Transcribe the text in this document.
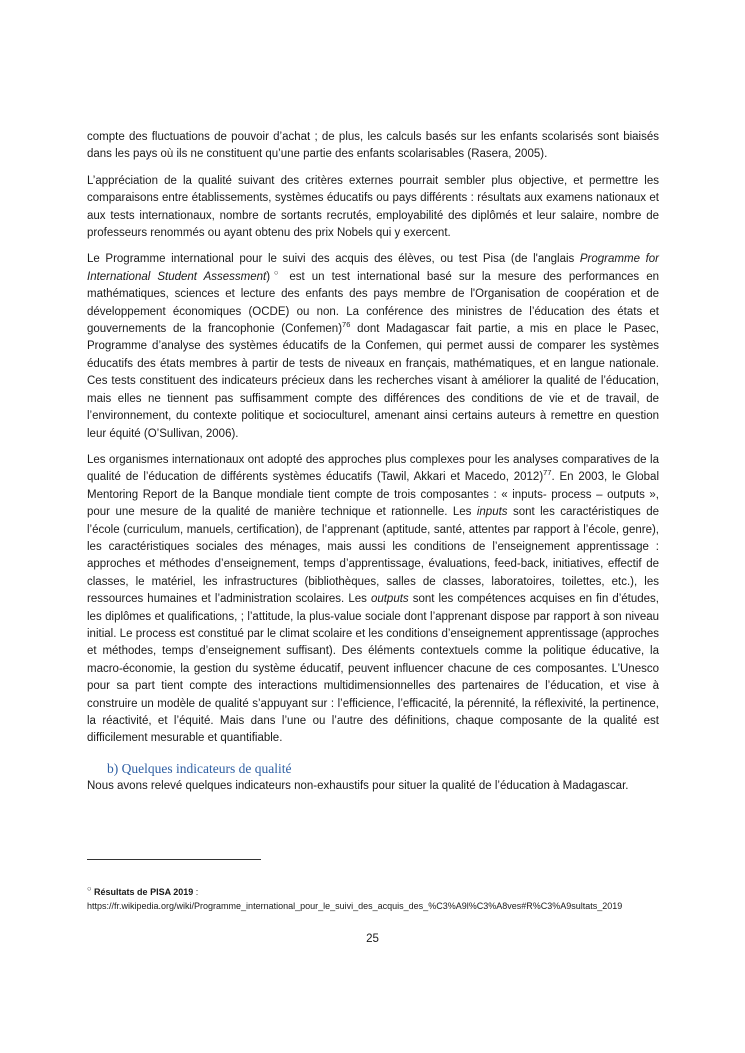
compte des fluctuations de pouvoir d’achat ; de plus, les calculs basés sur les enfants scolarisés sont biaisés dans les pays où ils ne constituent qu’une partie des enfants scolarisables (Rasera, 2005).

L’appréciation de la qualité suivant des critères externes pourrait sembler plus objective, et permettre les comparaisons entre établissements, systèmes éducatifs ou pays différents : résultats aux examens nationaux et aux tests internationaux, nombre de sortants recrutés, employabilité des diplômés et leur salaire, nombre de professeurs renommés ou ayant obtenu des prix Nobels qui y exercent.

Le Programme international pour le suivi des acquis des élèves, ou test Pisa (de l'anglais Programme for International Student Assessment)○ est un test international basé sur la mesure des performances en mathématiques, sciences et lecture des enfants des pays membre de l'Organisation de coopération et de développement économiques (OCDE) ou non. La conférence des ministres de l’éducation des états et gouvernements de la francophonie (Confemen)$^{76}$ dont Madagascar fait partie, a mis en place le Pasec, Programme d’analyse des systèmes éducatifs de la Confemen, qui permet aussi de comparer les systèmes éducatifs des états membres à partir de tests de niveaux en français, mathématiques, et en langue nationale. Ces tests constituent des indicateurs précieux dans les recherches visant à améliorer la qualité de l’éducation, mais elles ne tiennent pas suffisamment compte des différences des conditions de vie et de travail, de l’environnement, du contexte politique et socioculturel, amenant ainsi certains auteurs à remettre en question leur équité (O’Sullivan, 2006).

Les organismes internationaux ont adopté des approches plus complexes pour les analyses comparatives de la qualité de l’éducation de différents systèmes éducatifs (Tawil, Akkari et Macedo, 2012)$^{77}$. En 2003, le Global Mentoring Report de la Banque mondiale tient compte de trois composantes : « inputs- process – outputs », pour une mesure de la qualité de manière technique et rationnelle. Les inputs sont les caractéristiques de l’école (curriculum, manuels, certification), de l’apprenant (aptitude, santé, attentes par rapport à l’école, genre), les caractéristiques sociales des ménages, mais aussi les conditions de l’enseignement apprentissage : approches et méthodes d’enseignement, temps d’apprentissage, évaluations, feed-back, initiatives, effectif de classes, le matériel, les infrastructures (bibliothèques, salles de classes, laboratoires, toilettes, etc.), les ressources humaines et l’administration scolaires. Les outputs sont les compétences acquises en fin d’études, les diplômes et qualifications, ; l’attitude, la plus-value sociale dont l’apprenant dispose par rapport à son niveau initial. Le process est constitué par le climat scolaire et les conditions d’enseignement apprentissage (approches et méthodes, temps d’enseignement suffisant). Des éléments contextuels comme la politique éducative, la macro-économie, la gestion du système éducatif, peuvent influencer chacune de ces composantes. L’Unesco pour sa part tient compte des interactions multidimensionnelles des partenaires de l’éducation, et vise à construire un modèle de qualité s’appuyant sur : l’efficience, l’efficacité, la pérennité, la réflexivité, la pertinence, la réactivité, et l’équité. Mais dans l’une ou l’autre des définitions, chaque composante de la qualité est difficilement mesurable et quantifiable.

b) Quelques indicateurs de qualité

Nous avons relevé quelques indicateurs non-exhaustifs pour situer la qualité de l’éducation à Madagascar.

○ Résultats de PISA 2019 :
https://fr.wikipedia.org/wiki/Programme_international_pour_le_suivi_des_acquis_des_%C3%A9l%C3%A8ves#R%C3%A9sultats_2019
25
